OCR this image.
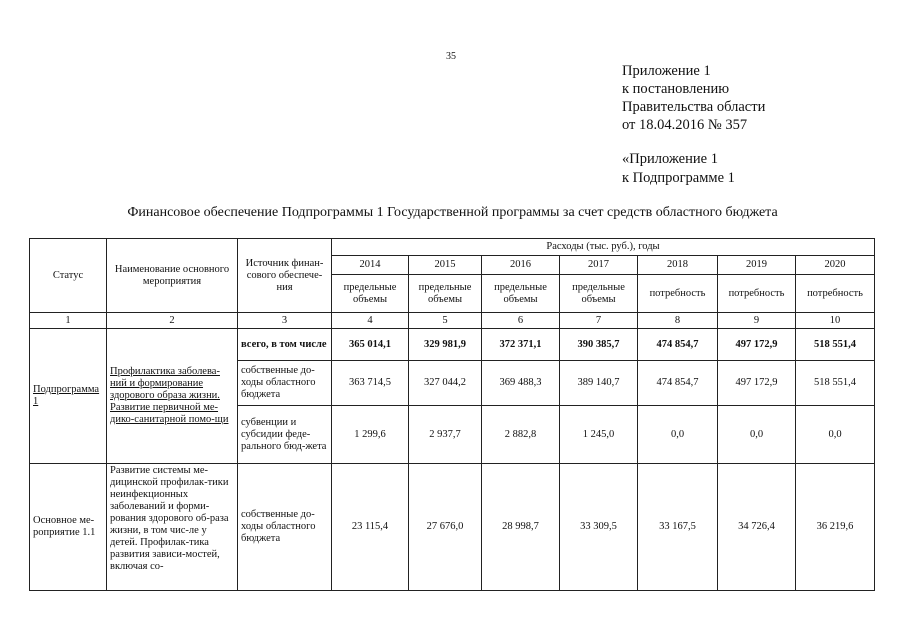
35
Приложение 1
к постановлению
Правительства области
от 18.04.2016 № 357
«Приложение 1
к Подпрограмме 1
Финансовое обеспечение Подпрограммы 1 Государственной программы за счет средств областного бюджета
Статус	Наименование основного мероприятия	Источник финан-сового обеспече-ния	Расходы (тыс. руб.), годы						
			2014	2015	2016	2017	2018	2019	2020
			предельные объемы	предельные объемы	предельные объемы	предельные объемы	потребность	потребность	потребность
1	2	3	4	5	6	7	8	9	10
Подпрограмма 1	Профилактика заболева-ний и формирование здорового образа жизни. Развитие первичной ме-дико-санитарной помо-щи	всего, в том числе	365 014,1	329 981,9	372 371,1	390 385,7	474 854,7	497 172,9	518 551,4
		собственные до-ходы областного бюджета	363 714,5	327 044,2	369 488,3	389 140,7	474 854,7	497 172,9	518 551,4
		субвенции и субсидии феде-рального бюд-жета	1 299,6	2 937,7	2 882,8	1 245,0	0,0	0,0	0,0
Основное ме-роприятие 1.1	Развитие системы ме-дицинской профилак-тики неинфекционных заболеваний и форми-рования здорового об-раза жизни, в том чис-ле у детей. Профилак-тика развития зависи-мостей, включая со-	собственные до-ходы областного бюджета	23 115,4	27 676,0	28 998,7	33 309,5	33 167,5	34 726,4	36 219,6
